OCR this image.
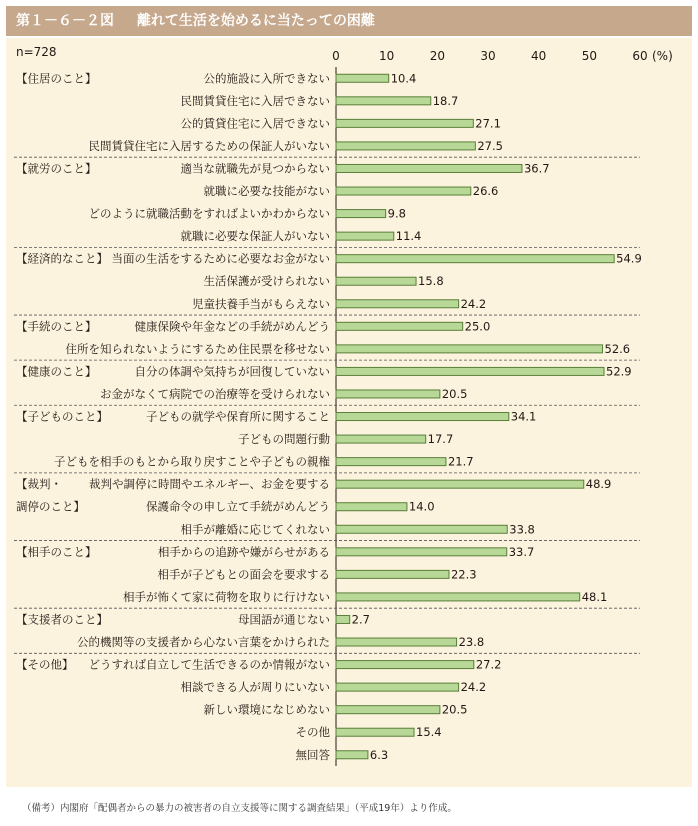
第１－６－２図 離れて生活を始めるに当たっての困難
n=728	0	10	20	30	40	50	60 (%)
【住居のこと】	公的施設に入所できない	10.4
民間賃貸住宅に入居できない	18.7
公的賃貸住宅に入居できない	27.1
民間賃貸住宅に入居するための保証人がいない	27.5
【就労のこと】	適当な就職先が見つからない	36.7
就職に必要な技能がない	26.6
どのように就職活動をすればよいかわからない	9.8
就職に必要な保証人がいない	11.4
【経済的なこと】 当面の生活をするために必要なお金がない	54.9
生活保護が受けられない	15.8
児童扶養手当がもらえない	24.2
【手続のこと】	健康保険や年金などの手続がめんどう	25.0
住所を知られないようにするため住民票を移せない	52.6
【健康のこと】	自分の体調や気持ちが回復していない	52.9
お金がなくて病院での治療等を受けられない	20.5
【子どものこと】	子どもの就学や保育所に関すること	34.1
子どもの問題行動	17.7
子どもを相手のもとから取り戻すことや子どもの親権	21.7
【裁判・
調停のこと】
裁判や調停に時間やエネルギー、お金を要する	48.9
保護命令の申し立て手続がめんどう	14.0
相手が離婚に応じてくれない	33.8
【相手のこと】	相手からの追跡や嫌がらせがある	33.7
相手が子どもとの面会を要求する	22.3
相手が怖くて家に荷物を取りに行けない	48.1
【支援者のこと】	母国語が通じない 2.7
公的機関等の支援者から心ない言葉をかけられた	23.8
【その他】 どうすれば自立して生活できるのか情報がない	27.2
相談できる人が周りにいない	24.2
新しい環境になじめない	20.5
その他	15.4
無回答	6.3
（備考）内閣府「配偶者からの暴力の被害者の自立支援等に関する調査結果」（平成19年）より作成。
